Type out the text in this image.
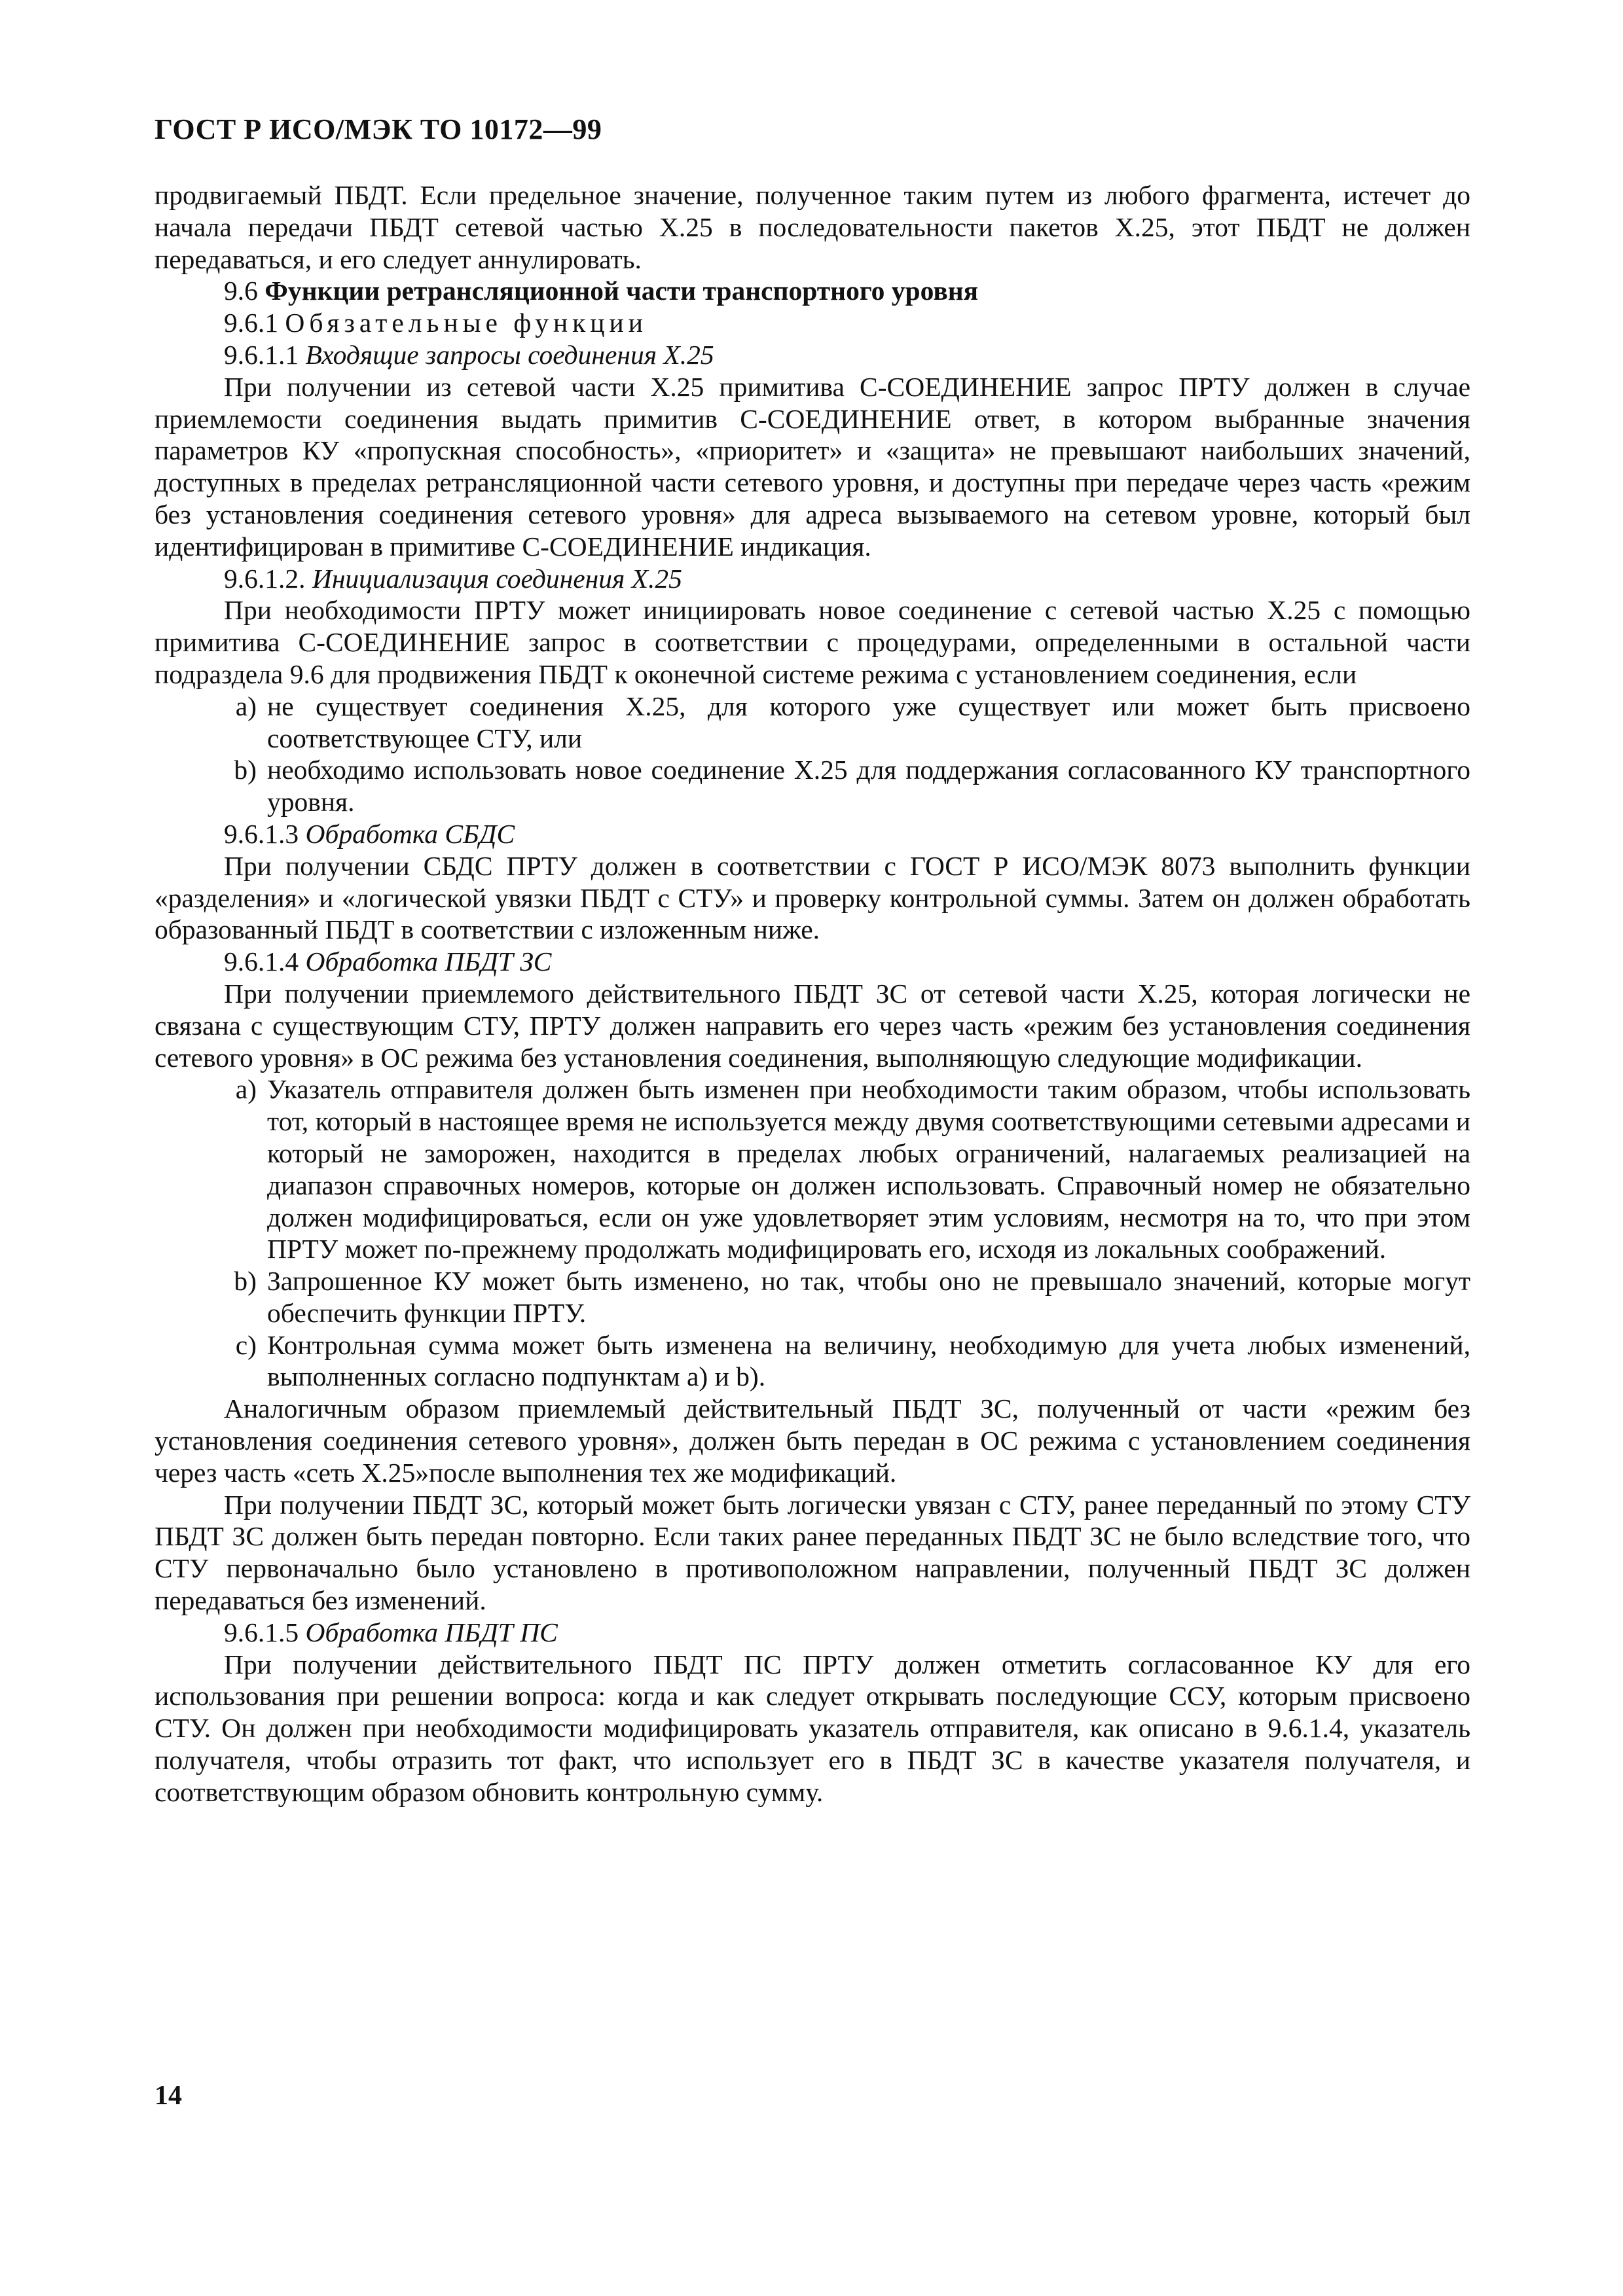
ГОСТ Р ИСО/МЭК ТО 10172—99

продвигаемый ПБДТ. Если предельное значение, полученное таким путем из любого фрагмента, истечет до начала передачи ПБДТ сетевой частью X.25 в последовательности пакетов X.25, этот ПБДТ не должен передаваться, и его следует аннулировать.

9.6 Функции ретрансляционной части транспортного уровня

9.6.1 Обязательные функции

9.6.1.1 Входящие запросы соединения X.25

При получении из сетевой части X.25 примитива С-СОЕДИНЕНИЕ запрос ПРТУ должен в случае приемлемости соединения выдать примитив С-СОЕДИНЕНИЕ ответ, в котором выбранные значения параметров КУ «пропускная способность», «приоритет» и «защита» не превышают наибольших значений, доступных в пределах ретрансляционной части сетевого уровня, и доступны при передаче через часть «режим без установления соединения сетевого уровня» для адреса вызываемого на сетевом уровне, который был идентифицирован в примитиве С-СОЕДИНЕНИЕ индикация.

9.6.1.2. Инициализация соединения X.25

При необходимости ПРТУ может инициировать новое соединение с сетевой частью X.25 с помощью примитива С-СОЕДИНЕНИЕ запрос в соответствии с процедурами, определенными в остальной части подраздела 9.6 для продвижения ПБДТ к оконечной системе режима с установлением соединения, если

a) не существует соединения X.25, для которого уже существует или может быть присвоено соответствующее СТУ, или
b) необходимо использовать новое соединение X.25 для поддержания согласованного КУ транспортного уровня.

9.6.1.3 Обработка СБДС

При получении СБДС ПРТУ должен в соответствии с ГОСТ Р ИСО/МЭК 8073 выполнить функции «разделения» и «логической увязки ПБДТ с СТУ» и проверку контрольной суммы. Затем он должен обработать образованный ПБДТ в соответствии с изложенным ниже.

9.6.1.4 Обработка ПБДТ ЗС

При получении приемлемого действительного ПБДТ ЗС от сетевой части X.25, которая логически не связана с существующим СТУ, ПРТУ должен направить его через часть «режим без установления соединения сетевого уровня» в ОС режима без установления соединения, выполняющую следующие модификации.

a) Указатель отправителя должен быть изменен при необходимости таким образом, чтобы использовать тот, который в настоящее время не используется между двумя соответствующими сетевыми адресами и который не заморожен, находится в пределах любых ограничений, налагаемых реализацией на диапазон справочных номеров, которые он должен использовать. Справочный номер не обязательно должен модифицироваться, если он уже удовлетворяет этим условиям, несмотря на то, что при этом ПРТУ может по-прежнему продолжать модифицировать его, исходя из локальных соображений.
b) Запрошенное КУ может быть изменено, но так, чтобы оно не превышало значений, которые могут обеспечить функции ПРТУ.
c) Контрольная сумма может быть изменена на величину, необходимую для учета любых изменений, выполненных согласно подпунктам a) и b).

Аналогичным образом приемлемый действительный ПБДТ ЗС, полученный от части «режим без установления соединения сетевого уровня», должен быть передан в ОС режима с установлением соединения через часть «сеть X.25»после выполнения тех же модификаций.

При получении ПБДТ ЗС, который может быть логически увязан с СТУ, ранее переданный по этому СТУ ПБДТ ЗС должен быть передан повторно. Если таких ранее переданных ПБДТ ЗС не было вследствие того, что СТУ первоначально было установлено в противоположном направлении, полученный ПБДТ ЗС должен передаваться без изменений.

9.6.1.5 Обработка ПБДТ ПС

При получении действительного ПБДТ ПС ПРТУ должен отметить согласованное КУ для его использования при решении вопроса: когда и как следует открывать последующие ССУ, которым присвоено СТУ. Он должен при необходимости модифицировать указатель отправителя, как описано в 9.6.1.4, указатель получателя, чтобы отразить тот факт, что использует его в ПБДТ ЗС в качестве указателя получателя, и соответствующим образом обновить контрольную сумму.

14
